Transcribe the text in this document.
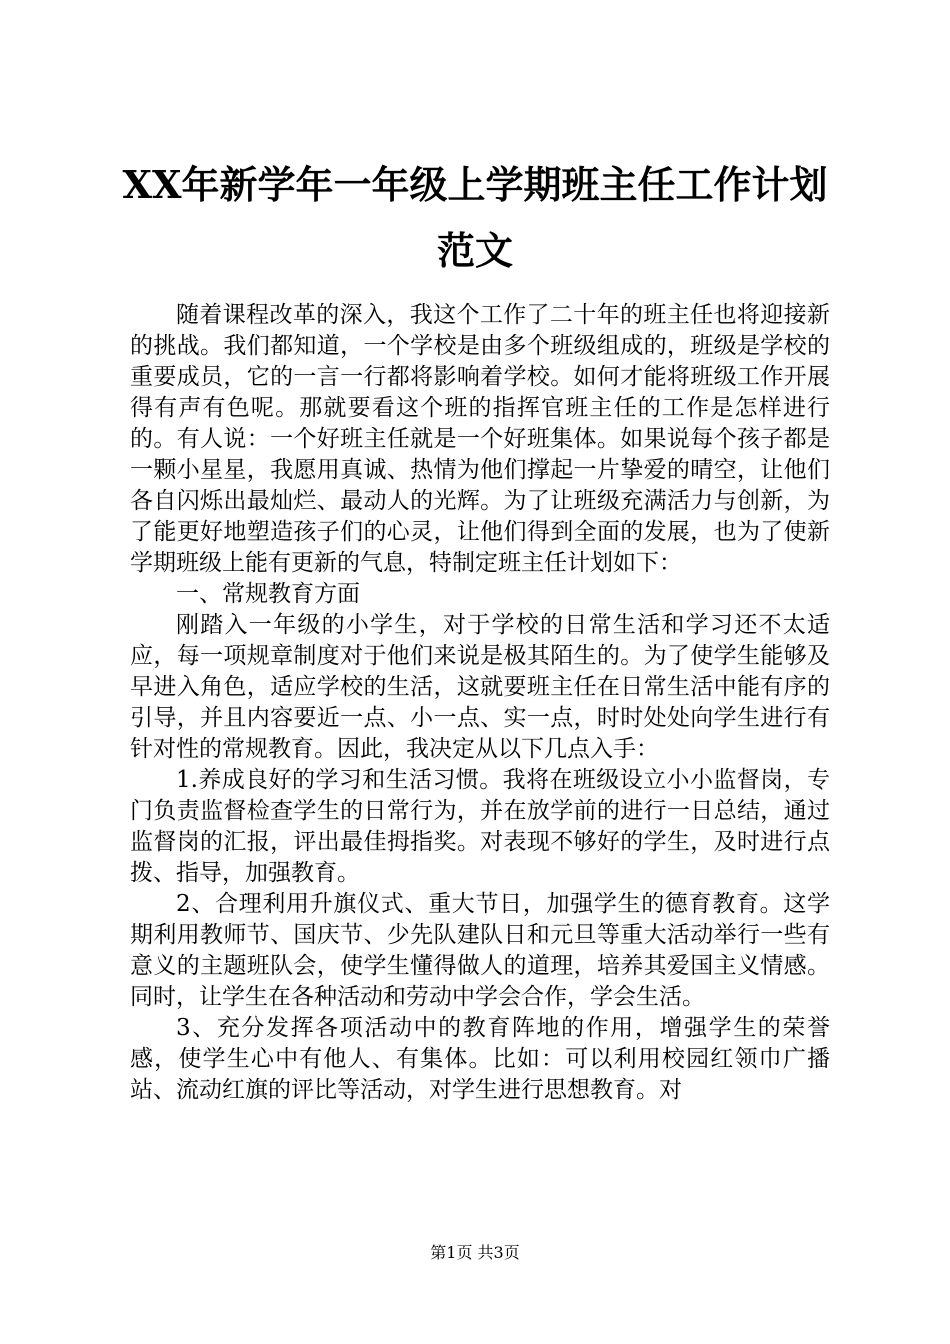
XX年新学年一年级上学期班主任工作计划范文

随着课程改革的深入，我这个工作了二十年的班主任也将迎接新的挑战。我们都知道，一个学校是由多个班级组成的，班级是学校的重要成员，它的一言一行都将影响着学校。如何才能将班级工作开展得有声有色呢。那就要看这个班的指挥官班主任的工作是怎样进行的。有人说：一个好班主任就是一个好班集体。如果说每个孩子都是一颗小星星，我愿用真诚、热情为他们撑起一片挚爱的晴空，让他们各自闪烁出最灿烂、最动人的光辉。为了让班级充满活力与创新，为了能更好地塑造孩子们的心灵，让他们得到全面的发展，也为了使新学期班级上能有更新的气息，特制定班主任计划如下：

一、常规教育方面

刚踏入一年级的小学生，对于学校的日常生活和学习还不太适应，每一项规章制度对于他们来说是极其陌生的。为了使学生能够及早进入角色，适应学校的生活，这就要班主任在日常生活中能有序的引导，并且内容要近一点、小一点、实一点，时时处处向学生进行有针对性的常规教育。因此，我决定从以下几点入手：

1.养成良好的学习和生活习惯。我将在班级设立小小监督岗，专门负责监督检查学生的日常行为，并在放学前的进行一日总结，通过监督岗的汇报，评出最佳拇指奖。对表现不够好的学生，及时进行点拨、指导，加强教育。

2、合理利用升旗仪式、重大节日，加强学生的德育教育。这学期利用教师节、国庆节、少先队建队日和元旦等重大活动举行一些有意义的主题班队会，使学生懂得做人的道理，培养其爱国主义情感。同时，让学生在各种活动和劳动中学会合作，学会生活。

3、充分发挥各项活动中的教育阵地的作用，增强学生的荣誉感，使学生心中有他人、有集体。比如：可以利用校园红领巾广播站、流动红旗的评比等活动，对学生进行思想教育。对

第1页 共3页
